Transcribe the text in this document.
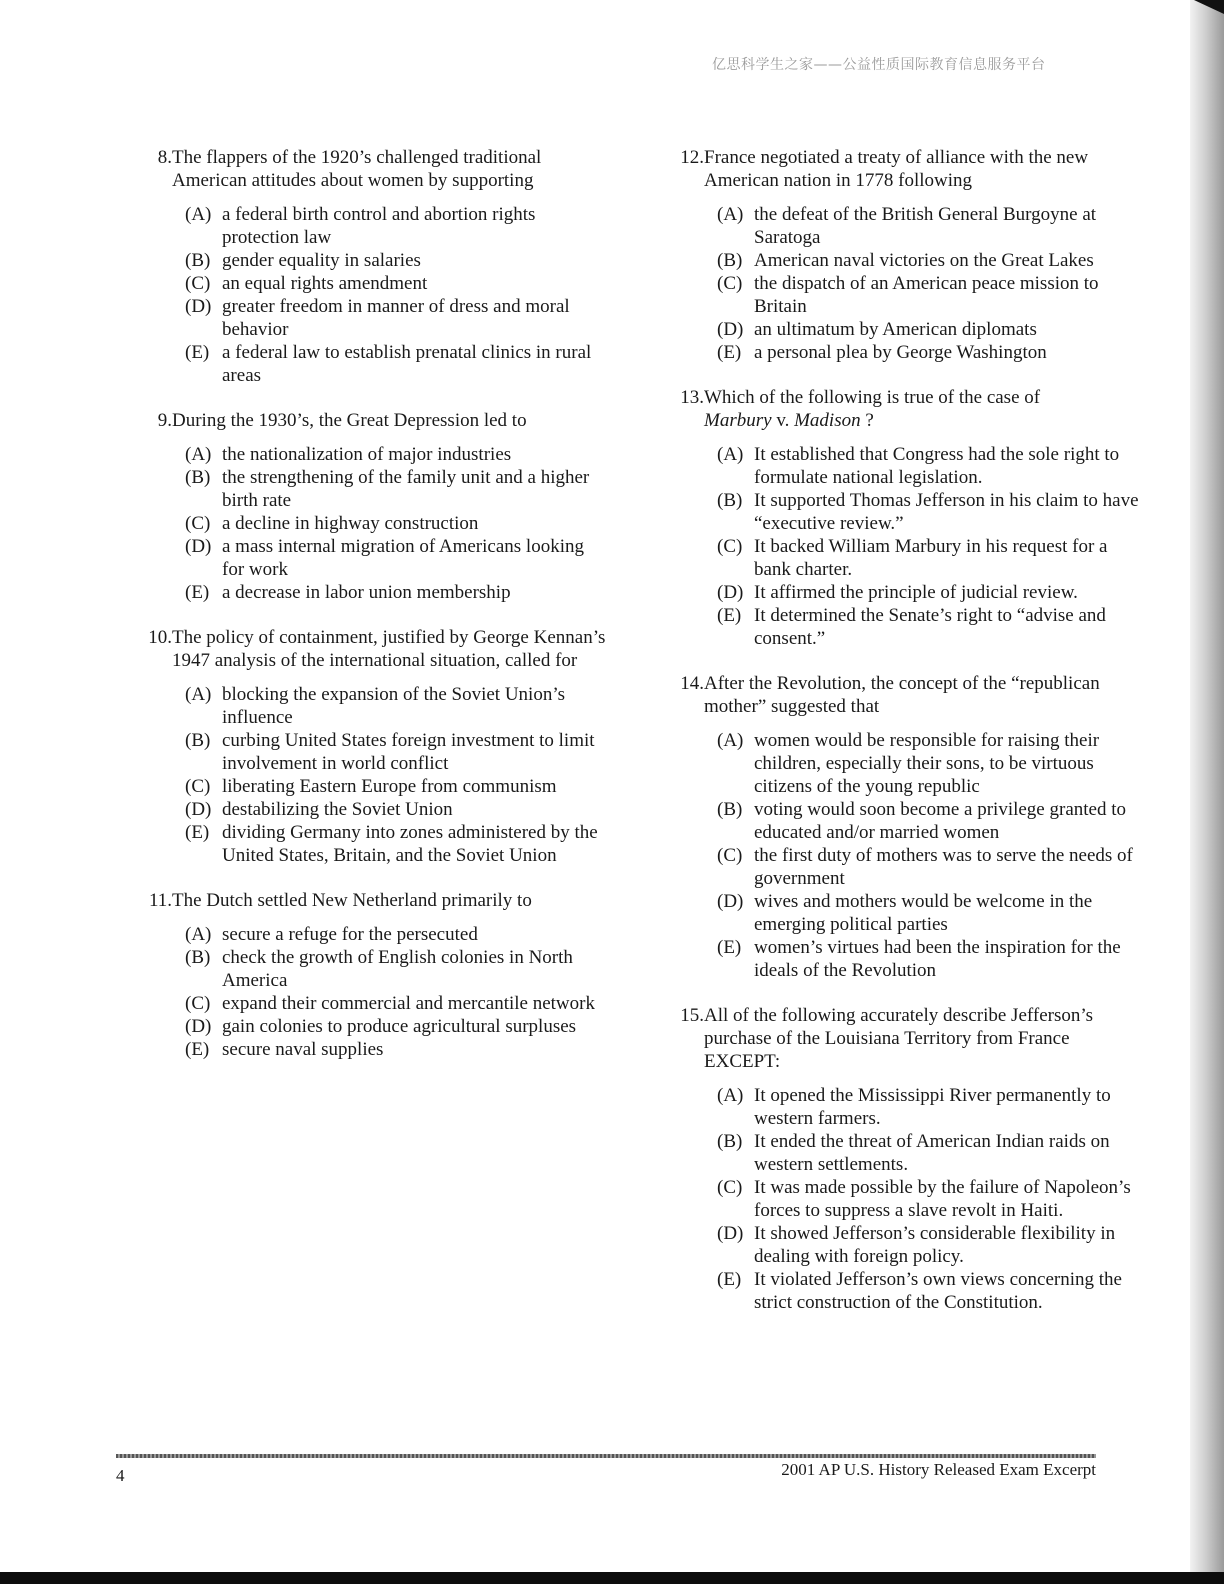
亿思科学生之家——公益性质国际教育信息服务平台
8. The flappers of the 1920’s challenged traditional American attitudes about women by supporting
(A) a federal birth control and abortion rights protection law
(B) gender equality in salaries
(C) an equal rights amendment
(D) greater freedom in manner of dress and moral behavior
(E) a federal law to establish prenatal clinics in rural areas
9. During the 1930’s, the Great Depression led to
(A) the nationalization of major industries
(B) the strengthening of the family unit and a higher birth rate
(C) a decline in highway construction
(D) a mass internal migration of Americans looking for work
(E) a decrease in labor union membership
10. The policy of containment, justified by George Kennan’s 1947 analysis of the international situation, called for
(A) blocking the expansion of the Soviet Union’s influence
(B) curbing United States foreign investment to limit involvement in world conflict
(C) liberating Eastern Europe from communism
(D) destabilizing the Soviet Union
(E) dividing Germany into zones administered by the United States, Britain, and the Soviet Union
11. The Dutch settled New Netherland primarily to
(A) secure a refuge for the persecuted
(B) check the growth of English colonies in North America
(C) expand their commercial and mercantile network
(D) gain colonies to produce agricultural surpluses
(E) secure naval supplies
12. France negotiated a treaty of alliance with the new American nation in 1778 following
(A) the defeat of the British General Burgoyne at Saratoga
(B) American naval victories on the Great Lakes
(C) the dispatch of an American peace mission to Britain
(D) an ultimatum by American diplomats
(E) a personal plea by George Washington
13. Which of the following is true of the case of
Marbury v. Madison ?
(A) It established that Congress had the sole right to formulate national legislation.
(B) It supported Thomas Jefferson in his claim to have “executive review.”
(C) It backed William Marbury in his request for a bank charter.
(D) It affirmed the principle of judicial review.
(E) It determined the Senate’s right to “advise and consent.”
14. After the Revolution, the concept of the “republican mother” suggested that
(A) women would be responsible for raising their children, especially their sons, to be virtuous citizens of the young republic
(B) voting would soon become a privilege granted to educated and/or married women
(C) the first duty of mothers was to serve the needs of government
(D) wives and mothers would be welcome in the emerging political parties
(E) women’s virtues had been the inspiration for the ideals of the Revolution
15. All of the following accurately describe Jefferson’s purchase of the Louisiana Territory from France EXCEPT:
(A) It opened the Mississippi River permanently to western farmers.
(B) It ended the threat of American Indian raids on western settlements.
(C) It was made possible by the failure of Napoleon’s forces to suppress a slave revolt in Haiti.
(D) It showed Jefferson’s considerable flexibility in dealing with foreign policy.
(E) It violated Jefferson’s own views concerning the strict construction of the Constitution.
4	2001 AP U.S. History Released Exam Excerpt
